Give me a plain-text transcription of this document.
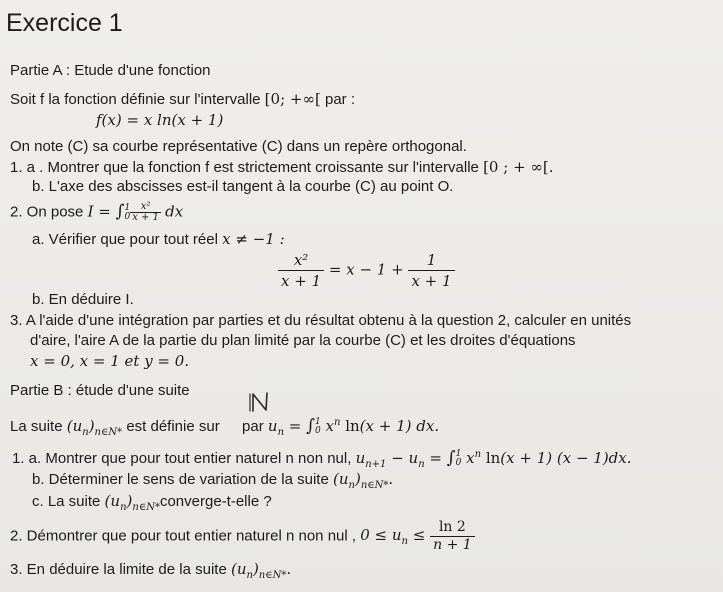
Exercice 1
Partie A : Etude d'une fonction
Soit f la fonction définie sur l'intervalle [0; +∞[ par :
f(x) = x ln(x + 1)
On note (C) sa courbe représentative (C) dans un repère orthogonal.
1. a . Montrer que la fonction f est strictement croissante sur l'intervalle [0 ; + ∞[.
b. L'axe des abscisses est-il tangent à la courbe (C) au point O.
2. On pose I = ∫ 1
$0 \frac{\text{x²}}{x + 1}$ dx
a. Vérifier que pour tout réel x ≠ −1 :
$\frac{\text{x²}}{x + 1} = x - 1 + \frac{1}{x + 1}$
b. En déduire I.
3. A l'aide d'une intégration par parties et du résultat obtenu à la question 2, calculer en unités
d'aire, l'aire A de la partie du plan limité par la courbe (C) et les droites d'équations
x = 0, x = 1 et y = 0.
Partie B : étude d'une suite
La suite $(u_n)_{n\in N*}$ est définie sur par $u_n$ = ∫ 1
0 $x^n$ ln(x + 1) dx.
1. a. Montrer que pour tout entier naturel n non nul, $u_{n+1} - u_n$ = ∫ 1
0 $x^n$ ln(x + 1) (x − 1)dx.
b. Déterminer le sens de variation de la suite $(u_n)_{n\in N*}$.
c. La suite $(u_n)_{n\in N*}converge-t$-elle ?
2. Démontrer que pour tout entier naturel n non nul , $0 \le u_n \le \frac{\ln 2}{n + 1}$
3. En déduire la limite de la suite $(u_n)_{n\in N*}$.
